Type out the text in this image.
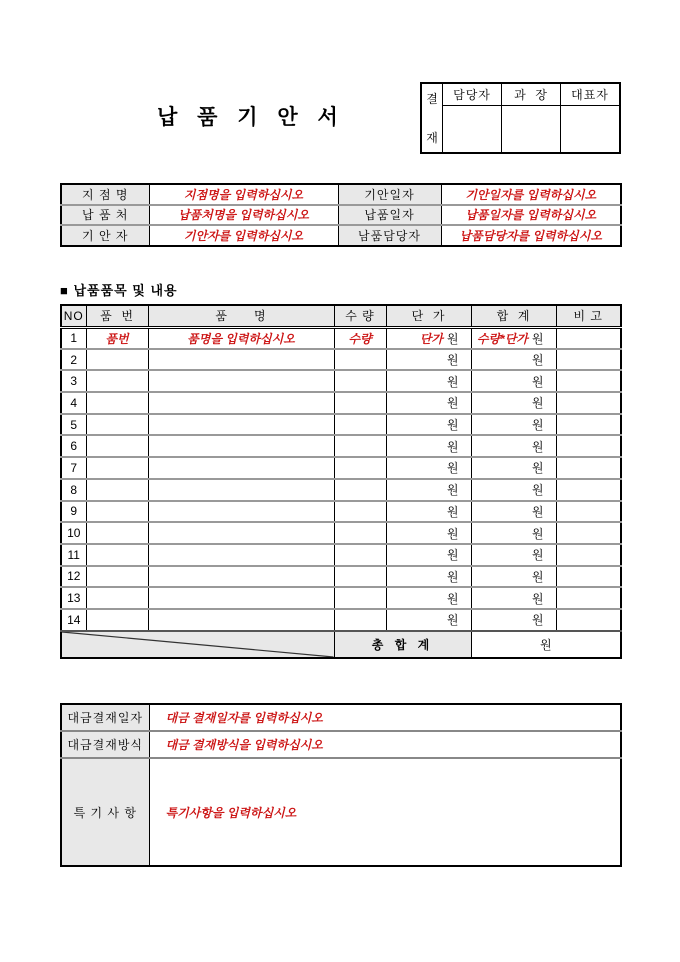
납 품 기 안 서
결
재
담당자	과  장	대표자
지 점 명	지점명을 입력하십시오	기안일자	기안일자를 입력하십시오
납 품 처	납품처명을 입력하십시오	납품일자	납품일자를 입력하십시오
기 안 자	기안자를 입력하십시오	남품담당자	납품담당자를 입력하십시오
■ 납품품목 및 내용
NO	품  번	품      명	수 량	단  가	합  계	비 고
1	품번	품명을 입력하십시오	수량	단가 원	수량*단가 원	
2				원	원	
3				원	원	
4				원	원	
5				원	원	
6				원	원	
7				원	원	
8				원	원	
9				원	원	
10				원	원	
11				원	원	
12				원	원	
13				원	원	
14				원	원	

	총 합 계		원	
대금결재일자	대금 결재일자를 입력하십시오
대금결재방식	대금 결재방식을 입력하십시오
특 기 사 항	특기사항을 입력하십시오
